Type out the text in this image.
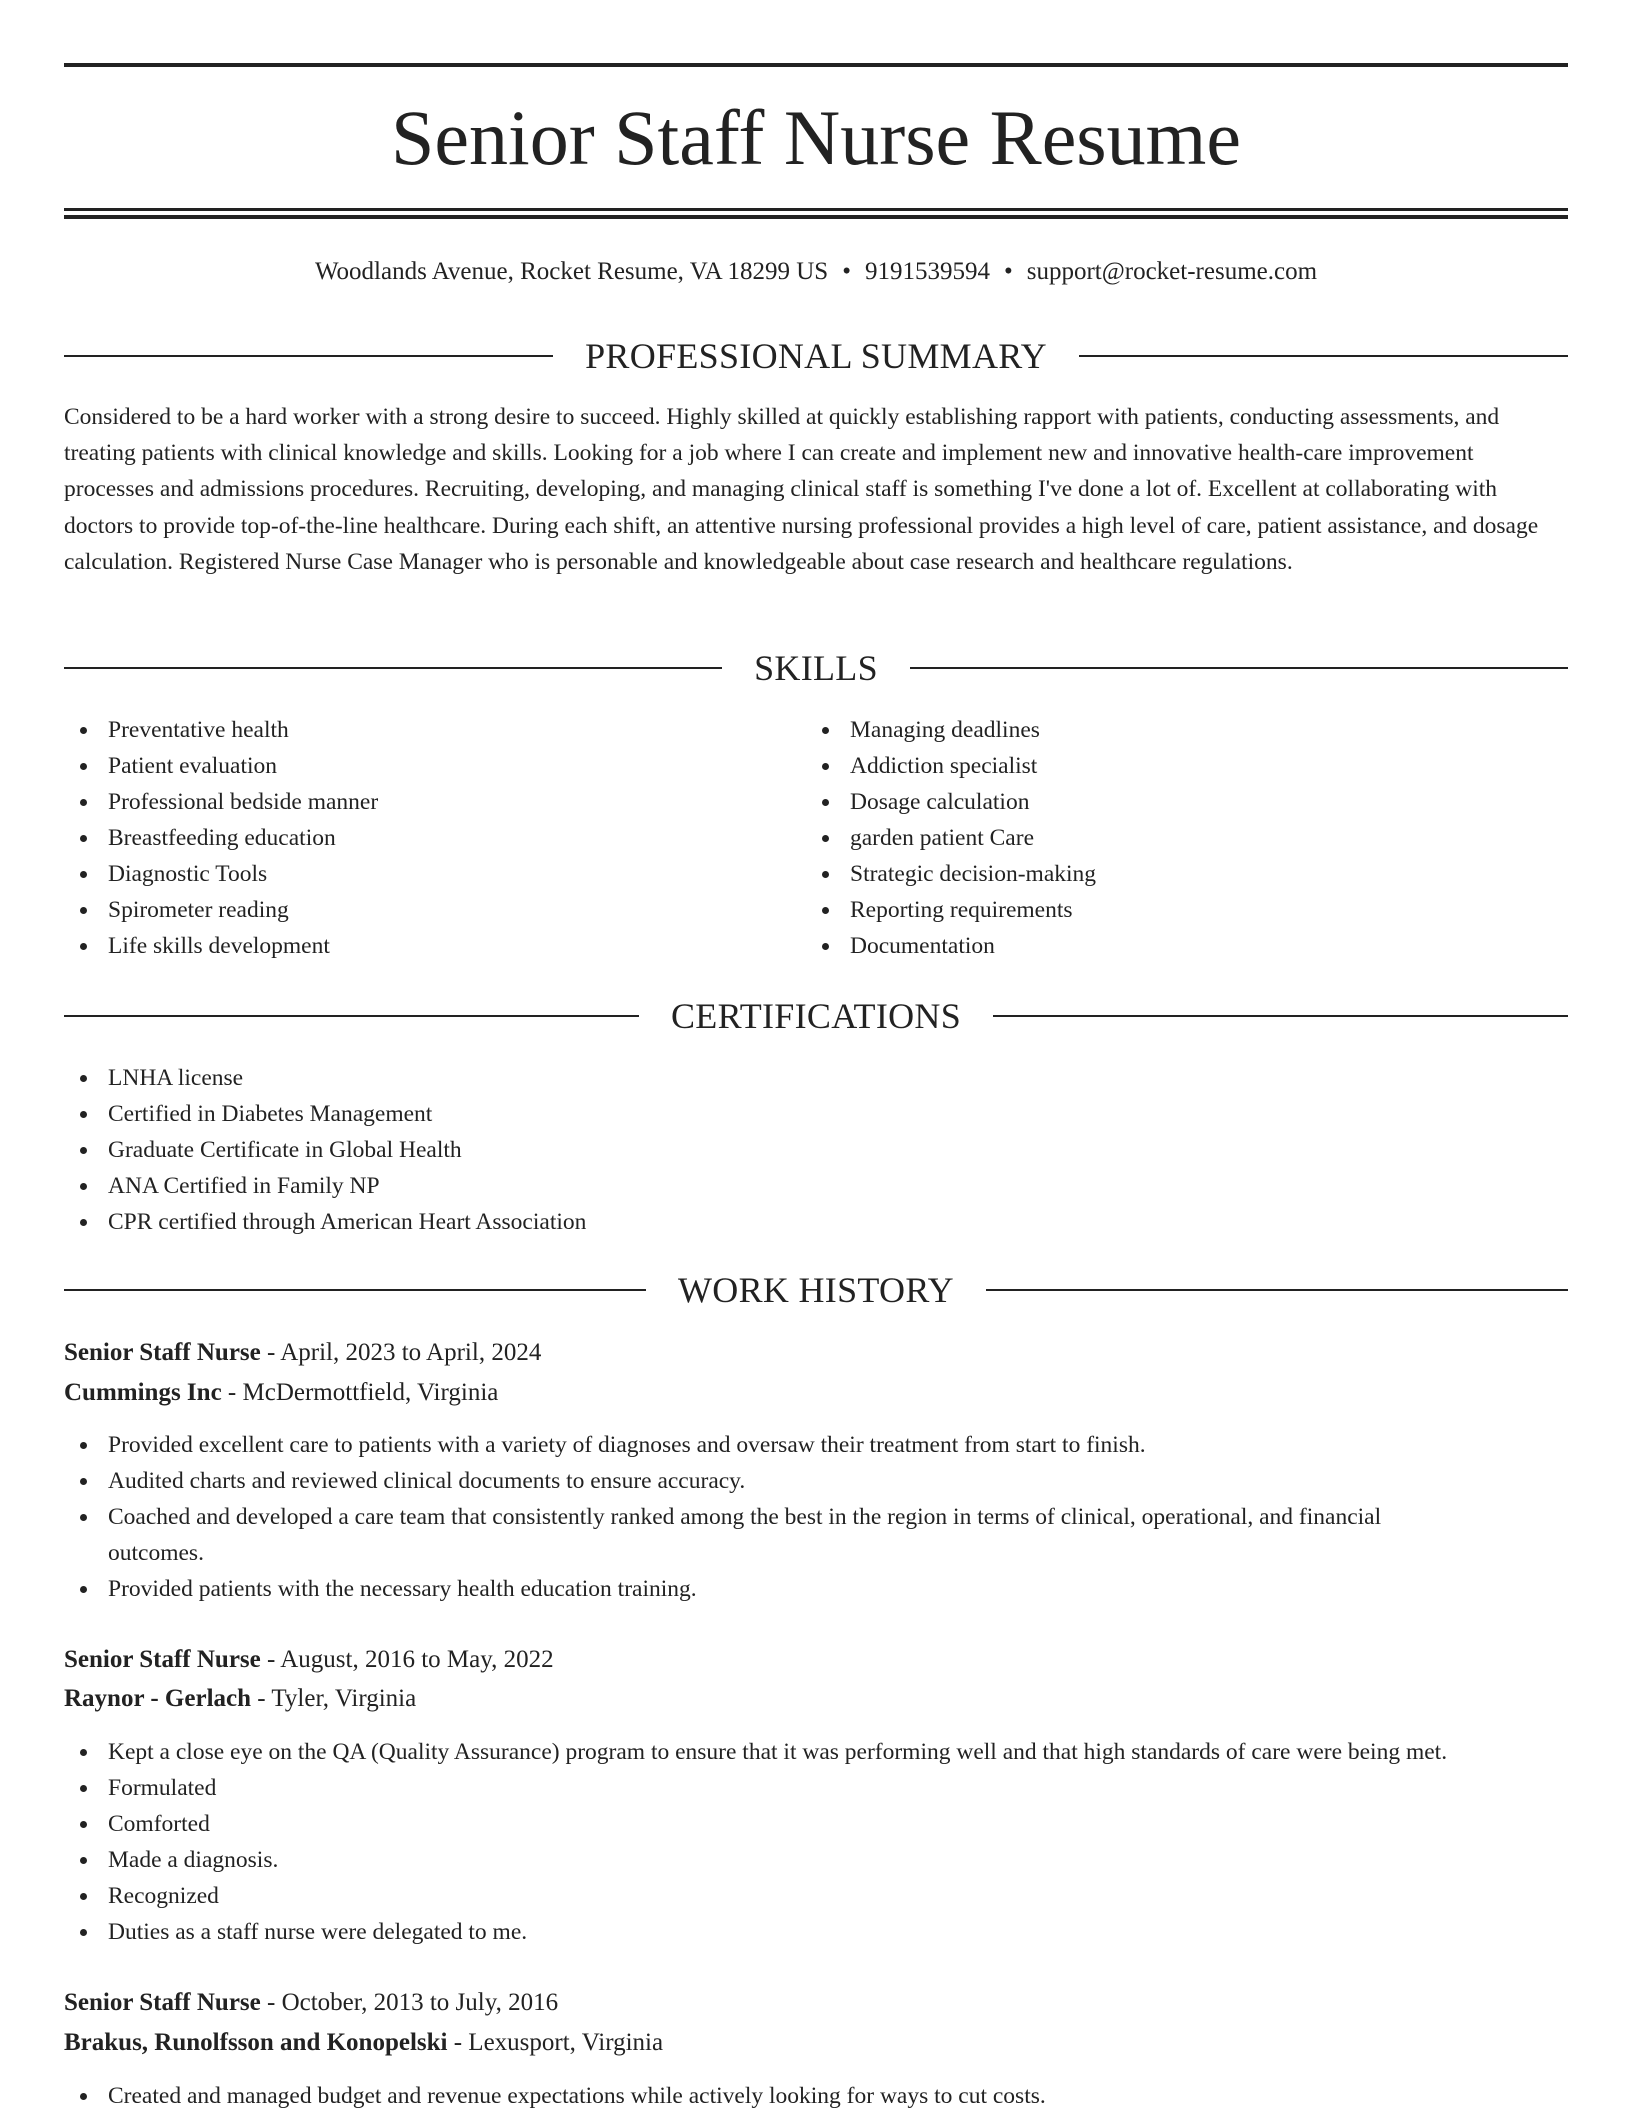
Senior Staff Nurse Resume
Woodlands Avenue, Rocket Resume, VA 18299 US • 9191539594 • support@rocket-resume.com
PROFESSIONAL SUMMARY

Considered to be a hard worker with a strong desire to succeed. Highly skilled at quickly establishing rapport with patients, conducting assessments, and treating patients with clinical knowledge and skills. Looking for a job where I can create and implement new and innovative health-care improvement processes and admissions procedures. Recruiting, developing, and managing clinical staff is something I've done a lot of. Excellent at collaborating with doctors to provide top-of-the-line healthcare. During each shift, an attentive nursing professional provides a high level of care, patient assistance, and dosage calculation. Registered Nurse Case Manager who is personable and knowledgeable about case research and healthcare regulations.

SKILLS
Preventative health
Patient evaluation
Professional bedside manner
Breastfeeding education
Diagnostic Tools
Spirometer reading
Life skills development
Managing deadlines
Addiction specialist
Dosage calculation
garden patient Care
Strategic decision-making
Reporting requirements
Documentation
CERTIFICATIONS
LNHA license
Certified in Diabetes Management
Graduate Certificate in Global Health
ANA Certified in Family NP
CPR certified through American Heart Association
WORK HISTORY
Senior Staff Nurse - April, 2023 to April, 2024
Cummings Inc - McDermottfield, Virginia
Provided excellent care to patients with a variety of diagnoses and oversaw their treatment from start to finish.
Audited charts and reviewed clinical documents to ensure accuracy.
Coached and developed a care team that consistently ranked among the best in the region in terms of clinical, operational, and financial outcomes.
Provided patients with the necessary health education training.
Senior Staff Nurse - August, 2016 to May, 2022
Raynor - Gerlach - Tyler, Virginia
Kept a close eye on the QA (Quality Assurance) program to ensure that it was performing well and that high standards of care were being met.
Formulated
Comforted
Made a diagnosis.
Recognized
Duties as a staff nurse were delegated to me.
Senior Staff Nurse - October, 2013 to July, 2016
Brakus, Runolfsson and Konopelski - Lexusport, Virginia
Created and managed budget and revenue expectations while actively looking for ways to cut costs.
